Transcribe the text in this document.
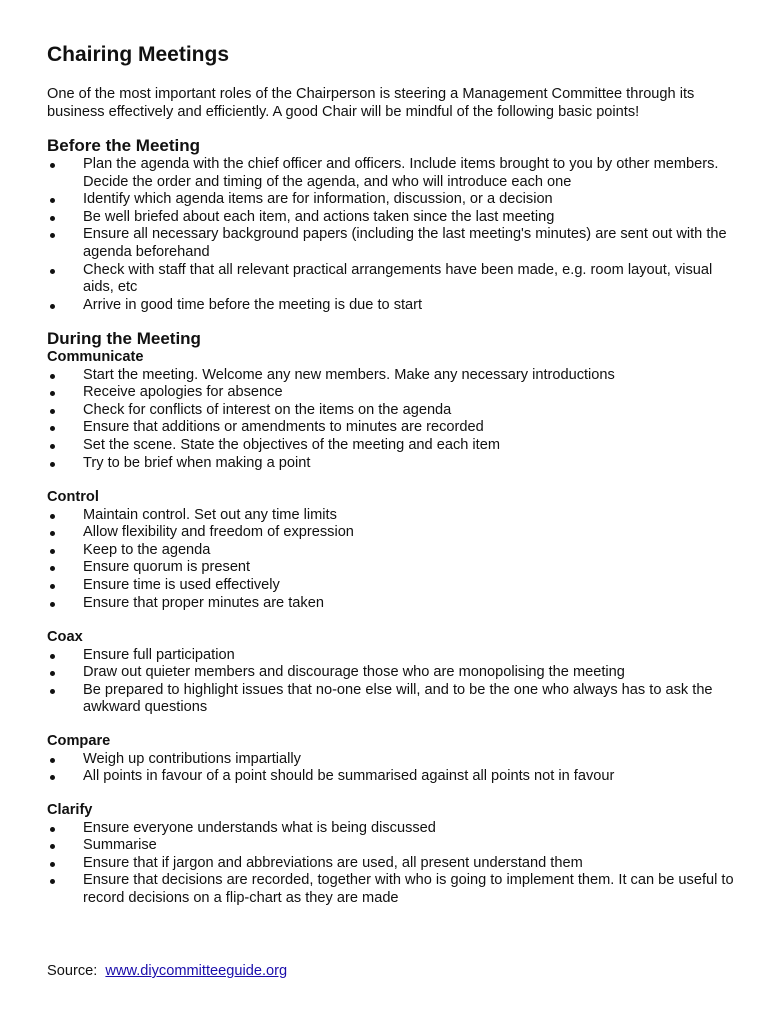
Chairing Meetings

One of the most important roles of the Chairperson is steering a Management Committee through its business effectively and efficiently. A good Chair will be mindful of the following basic points!

Before the Meeting
Plan the agenda with the chief officer and officers. Include items brought to you by other members. Decide the order and timing of the agenda, and who will introduce each one
Identify which agenda items are for information, discussion, or a decision
Be well briefed about each item, and actions taken since the last meeting
Ensure all necessary background papers (including the last meeting's minutes) are sent out with the agenda beforehand
Check with staff that all relevant practical arrangements have been made, e.g. room layout, visual aids, etc
Arrive in good time before the meeting is due to start
During the Meeting
Communicate
Start the meeting. Welcome any new members. Make any necessary introductions
Receive apologies for absence
Check for conflicts of interest on the items on the agenda
Ensure that additions or amendments to minutes are recorded
Set the scene. State the objectives of the meeting and each item
Try to be brief when making a point
Control
Maintain control. Set out any time limits
Allow flexibility and freedom of expression
Keep to the agenda
Ensure quorum is present
Ensure time is used effectively
Ensure that proper minutes are taken
Coax
Ensure full participation
Draw out quieter members and discourage those who are monopolising the meeting
Be prepared to highlight issues that no-one else will, and to be the one who always has to ask the awkward questions
Compare
Weigh up contributions impartially
All points in favour of a point should be summarised against all points not in favour
Clarify
Ensure everyone understands what is being discussed
Summarise
Ensure that if jargon and abbreviations are used, all present understand them
Ensure that decisions are recorded, together with who is going to implement them. It can be useful to record decisions on a flip-chart as they are made
Source: www.diycommitteeguide.org
